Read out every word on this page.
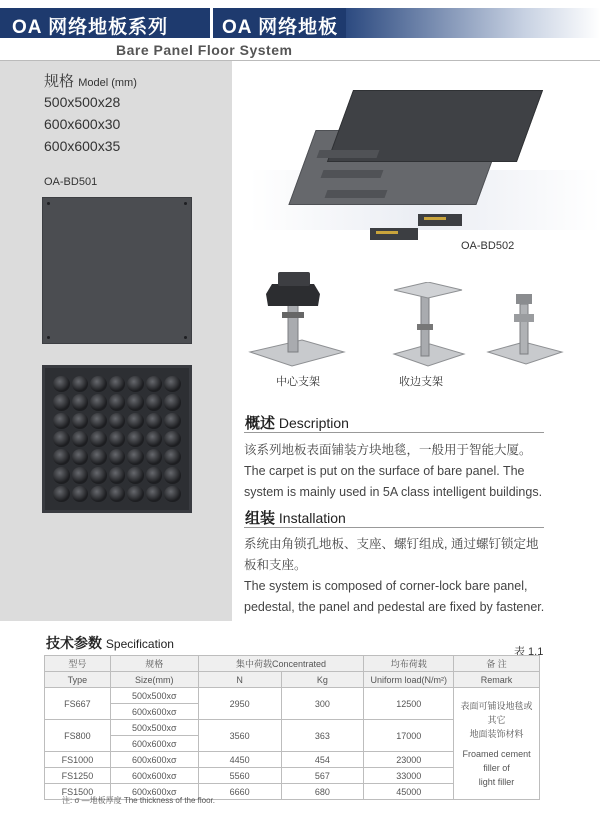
OA 网络地板系列	OA 网络地板
Bare Panel Floor System
规格 Model (mm)
500x500x28
600x600x30
600x600x35
OA-BD501
OA-BD502
中心支架	收边支架
概述 Description
该系列地板表面铺装方块地毯，一般用于智能大厦。
The carpet is put on the surface of bare panel. The system is mainly used in 5A class intelligent buildings.
组装 Installation
系统由角锁孔地板、支座、螺钉组成, 通过螺钉锁定地板和支座。
The system is composed of corner-lock bare panel, pedestal, the panel and pedestal are fixed by fastener.
技术参数 Specification
表 1.1
型号	规格	集中荷载Concentrated		均布荷载	备 注
Type	Size(mm)	N	Kg	Uniform load(N/m²)	Remark
FS667	500x500xσ	2950	300	12500	表面可铺设地毯或其它
地面装饰材料
Froamed cement filler of
light filler

	600x600xσ				
FS800	500x500xσ	3560	363	17000	
	600x600xσ				
FS1000	600x600xσ	4450	454	23000	
FS1250	600x600xσ	5560	567	33000	
FS1500	600x600xσ	6660	680	45000	
注: σ —地板厚度 The thickness of the floor.
